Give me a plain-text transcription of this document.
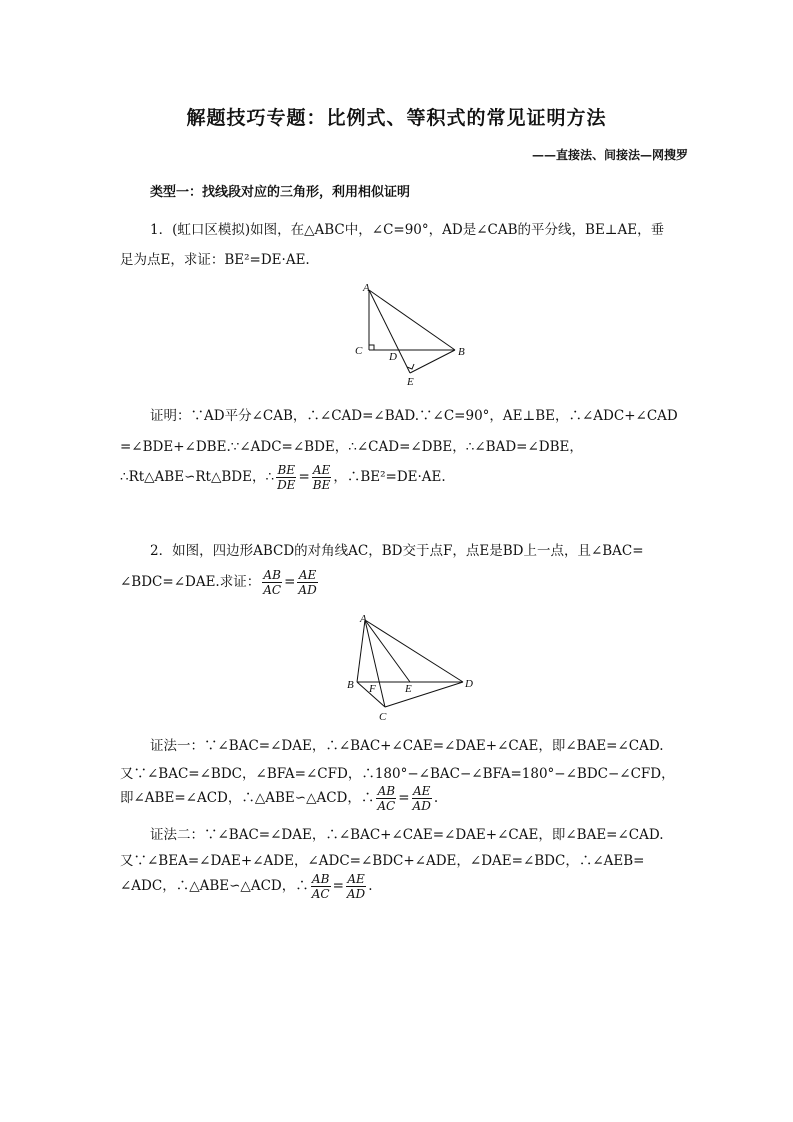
解题技巧专题：比例式、等积式的常见证明方法
——直接法、间接法—网搜罗
类型一：找线段对应的三角形，利用相似证明
1．(虹口区模拟)如图，在△ABC中，∠C=90°，AD是∠CAB的平分线，BE⊥AE，垂
足为点E，求证：BE²=DE·AE.
A
C D	B
E
证明：∵AD平分∠CAB，∴∠CAD=∠BAD.∵∠C=90°，AE⊥BE，∴∠ADC+∠CAD
=∠BDE+∠DBE.∵∠ADC=∠BDE，∴∠CAD=∠DBE，∴∠BAD=∠DBE，
∴Rt△ABE∽Rt△BDE，∴ $\frac{BE}{DE} = \frac{AE}{BE}$ ，∴BE²=DE·AE.
2．如图，四边形ABCD的对角线AC，BD交于点F，点E是BD上一点，且∠BAC=
∠BDC=∠DAE.求证： $\frac{AB}{AC} = \frac{AE}{AD}$
A
B F	E	D
C
证法一：∵∠BAC=∠DAE，∴∠BAC+∠CAE=∠DAE+∠CAE，即∠BAE=∠CAD.
又∵∠BAC=∠BDC，∠BFA=∠CFD，∴180°−∠BAC−∠BFA=180°−∠BDC−∠CFD，
即∠ABE=∠ACD，∴△ABE∽△ACD，∴ $\frac{AB}{AC} = \frac{AE}{AD}$ .
证法二：∵∠BAC=∠DAE，∴∠BAC+∠CAE=∠DAE+∠CAE，即∠BAE=∠CAD.
又∵∠BEA=∠DAE+∠ADE，∠ADC=∠BDC+∠ADE，∠DAE=∠BDC，∴∠AEB=
∠ADC，∴△ABE∽△ACD，∴ $\frac{AB}{AC} = \frac{AE}{AD}$ .
